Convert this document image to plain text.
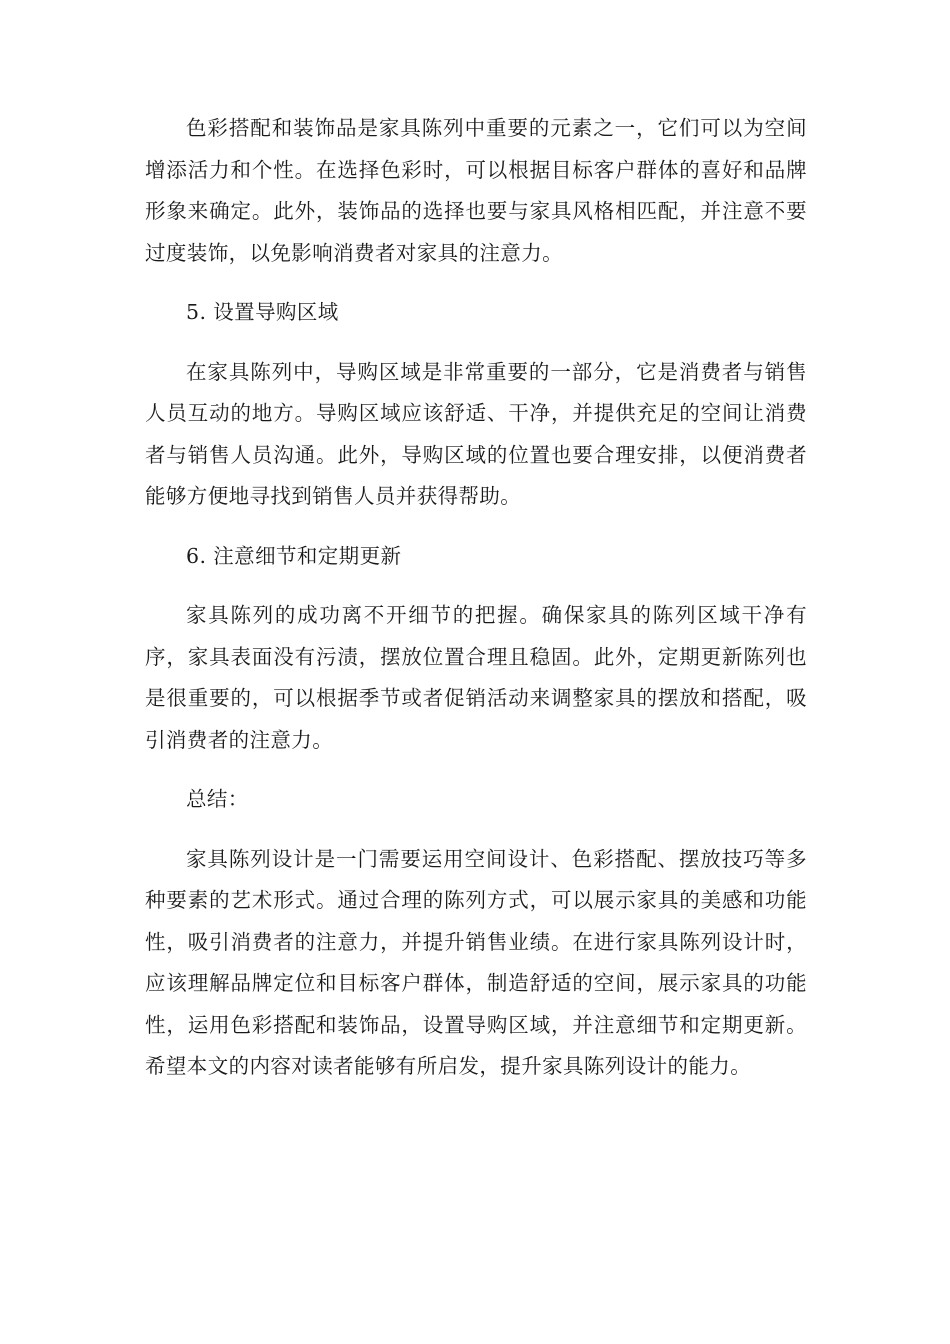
色彩搭配和装饰品是家具陈列中重要的元素之一，它们可以为空间增添活力和个性。在选择色彩时，可以根据目标客户群体的喜好和品牌形象来确定。此外，装饰品的选择也要与家具风格相匹配，并注意不要过度装饰，以免影响消费者对家具的注意力。

5. 设置导购区域

在家具陈列中，导购区域是非常重要的一部分，它是消费者与销售人员互动的地方。导购区域应该舒适、干净，并提供充足的空间让消费者与销售人员沟通。此外，导购区域的位置也要合理安排，以便消费者能够方便地寻找到销售人员并获得帮助。

6. 注意细节和定期更新

家具陈列的成功离不开细节的把握。确保家具的陈列区域干净有序，家具表面没有污渍，摆放位置合理且稳固。此外，定期更新陈列也是很重要的，可以根据季节或者促销活动来调整家具的摆放和搭配，吸引消费者的注意力。

总结：

家具陈列设计是一门需要运用空间设计、色彩搭配、摆放技巧等多种要素的艺术形式。通过合理的陈列方式，可以展示家具的美感和功能性，吸引消费者的注意力，并提升销售业绩。在进行家具陈列设计时，应该理解品牌定位和目标客户群体，制造舒适的空间，展示家具的功能性，运用色彩搭配和装饰品，设置导购区域，并注意细节和定期更新。希望本文的内容对读者能够有所启发，提升家具陈列设计的能力。
